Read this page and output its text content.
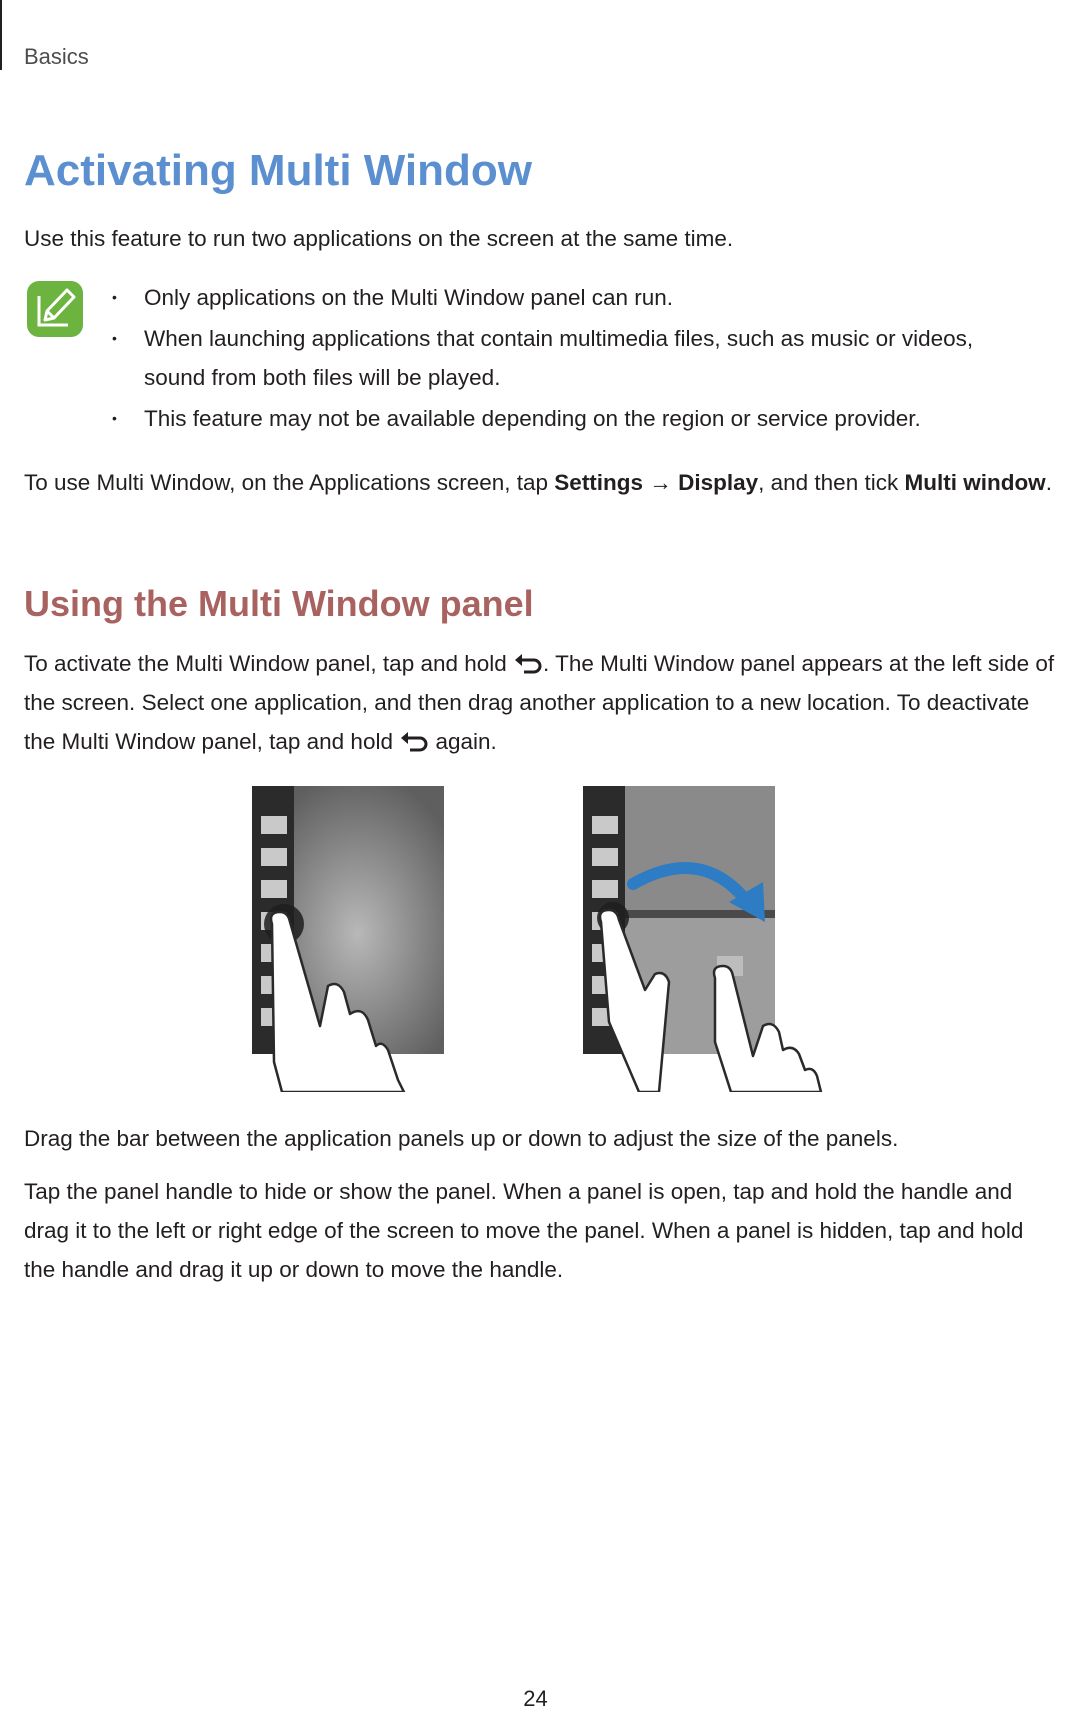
Basics
Activating Multi Window

Use this feature to run two applications on the screen at the same time.

• Only applications on the Multi Window panel can run.
• When launching applications that contain multimedia files, such as music or videos, sound from both files will be played.
• This feature may not be available depending on the region or service provider.

To use Multi Window, on the Applications screen, tap Settings → Display, and then tick Multi window.

Using the Multi Window panel

To activate the Multi Window panel, tap and hold . The Multi Window panel appears at the left side of the screen. Select one application, and then drag another application to a new location. To deactivate the Multi Window panel, tap and hold  again.

Drag the bar between the application panels up or down to adjust the size of the panels.

Tap the panel handle to hide or show the panel. When a panel is open, tap and hold the handle and drag it to the left or right edge of the screen to move the panel. When a panel is hidden, tap and hold the handle and drag it up or down to move the handle.

24
